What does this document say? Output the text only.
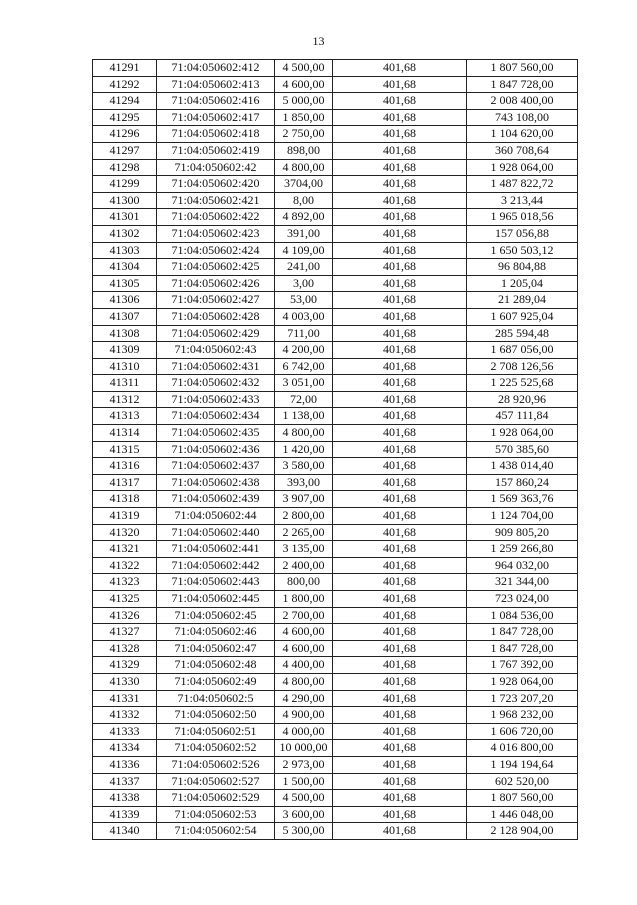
13
41291	71:04:050602:412	4 500,00	401,68	1 807 560,00
41292	71:04:050602:413	4 600,00	401,68	1 847 728,00
41294	71:04:050602:416	5 000,00	401,68	2 008 400,00
41295	71:04:050602:417	1 850,00	401,68	743 108,00
41296	71:04:050602:418	2 750,00	401,68	1 104 620,00
41297	71:04:050602:419	898,00	401,68	360 708,64
41298	71:04:050602:42	4 800,00	401,68	1 928 064,00
41299	71:04:050602:420	3704,00	401,68	1 487 822,72
41300	71:04:050602:421	8,00	401,68	3 213,44
41301	71:04:050602:422	4 892,00	401,68	1 965 018,56
41302	71:04:050602:423	391,00	401,68	157 056,88
41303	71:04:050602:424	4 109,00	401,68	1 650 503,12
41304	71:04:050602:425	241,00	401,68	96 804,88
41305	71:04:050602:426	3,00	401,68	1 205,04
41306	71:04:050602:427	53,00	401,68	21 289,04
41307	71:04:050602:428	4 003,00	401,68	1 607 925,04
41308	71:04:050602:429	711,00	401,68	285 594,48
41309	71:04:050602:43	4 200,00	401,68	1 687 056,00
41310	71:04:050602:431	6 742,00	401,68	2 708 126,56
41311	71:04:050602:432	3 051,00	401,68	1 225 525,68
41312	71:04:050602:433	72,00	401,68	28 920,96
41313	71:04:050602:434	1 138,00	401,68	457 111,84
41314	71:04:050602:435	4 800,00	401,68	1 928 064,00
41315	71:04:050602:436	1 420,00	401,68	570 385,60
41316	71:04:050602:437	3 580,00	401,68	1 438 014,40
41317	71:04:050602:438	393,00	401,68	157 860,24
41318	71:04:050602:439	3 907,00	401,68	1 569 363,76
41319	71:04:050602:44	2 800,00	401,68	1 124 704,00
41320	71:04:050602:440	2 265,00	401,68	909 805,20
41321	71:04:050602:441	3 135,00	401,68	1 259 266,80
41322	71:04:050602:442	2 400,00	401,68	964 032,00
41323	71:04:050602:443	800,00	401,68	321 344,00
41325	71:04:050602:445	1 800,00	401,68	723 024,00
41326	71:04:050602:45	2 700,00	401,68	1 084 536,00
41327	71:04:050602:46	4 600,00	401,68	1 847 728,00
41328	71:04:050602:47	4 600,00	401,68	1 847 728,00
41329	71:04:050602:48	4 400,00	401,68	1 767 392,00
41330	71:04:050602:49	4 800,00	401,68	1 928 064,00
41331	71:04:050602:5	4 290,00	401,68	1 723 207,20
41332	71:04:050602:50	4 900,00	401,68	1 968 232,00
41333	71:04:050602:51	4 000,00	401,68	1 606 720,00
41334	71:04:050602:52	10 000,00	401,68	4 016 800,00
41336	71:04:050602:526	2 973,00	401,68	1 194 194,64
41337	71:04:050602:527	1 500,00	401,68	602 520,00
41338	71:04:050602:529	4 500,00	401,68	1 807 560,00
41339	71:04:050602:53	3 600,00	401,68	1 446 048,00
41340	71:04:050602:54	5 300,00	401,68	2 128 904,00
